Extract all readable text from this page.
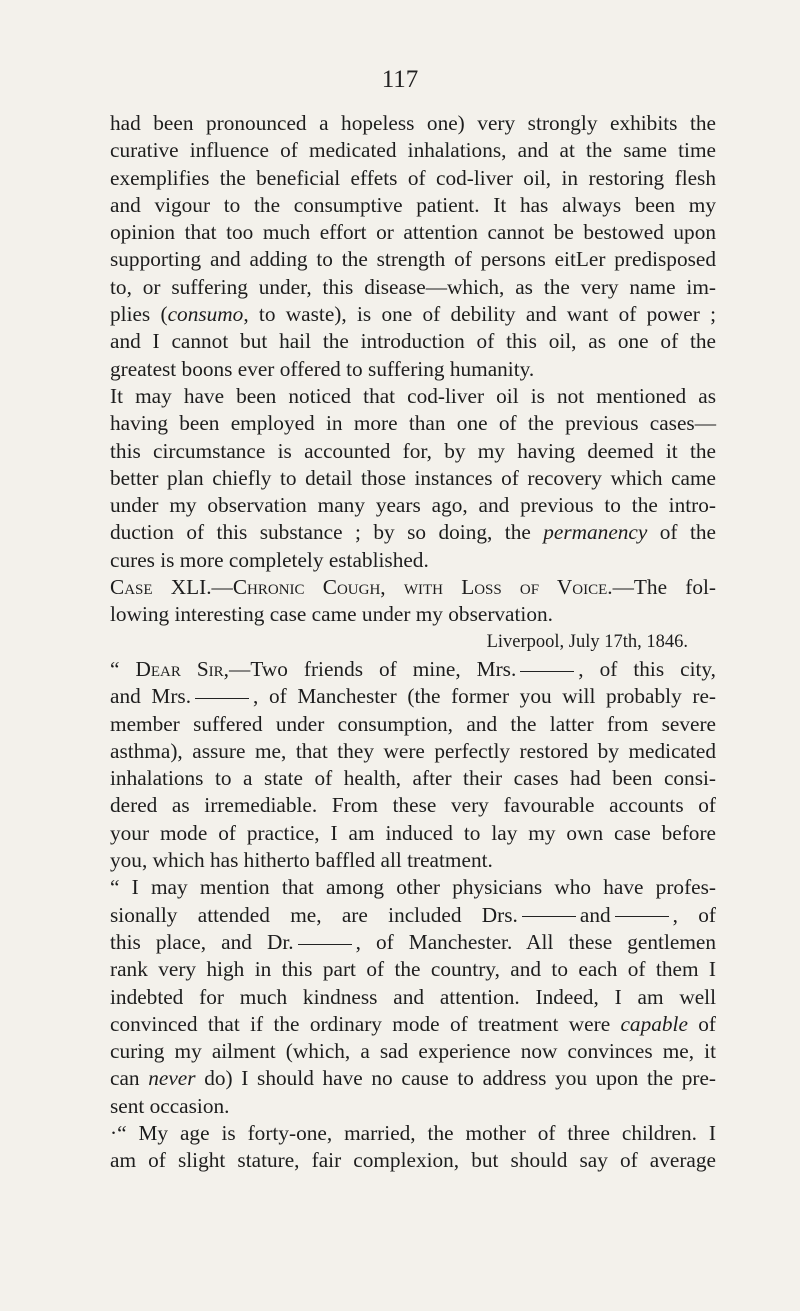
117
had been pronounced a hopeless one) very strongly exhibits the
curative influence of medicated inhalations, and at the same time
exemplifies the beneficial effets of cod-liver oil, in restoring flesh
and vigour to the consumptive patient. It has always been my
opinion that too much effort or attention cannot be bestowed upon
supporting and adding to the strength of persons eitLer predisposed
to, or suffering under, this disease—which, as the very name im-
plies (consumo, to waste), is one of debility and want of power ;
and I cannot but hail the introduction of this oil, as one of the
greatest boons ever offered to suffering humanity.
It may have been noticed that cod-liver oil is not mentioned as
having been employed in more than one of the previous cases—
this circumstance is accounted for, by my having deemed it the
better plan chiefly to detail those instances of recovery which came
under my observation many years ago, and previous to the intro-
duction of this substance ; by so doing, the permanency of the
cures is more completely established.
Case XLI.—Chronic Cough, with Loss of Voice.—The fol-
lowing interesting case came under my observation.
Liverpool, July 17th, 1846.
“ Dear Sir,—Two friends of mine, Mrs.	, of this city,
and Mrs.	, of Manchester (the former you will probably re-
member suffered under consumption, and the latter from severe
asthma), assure me, that they were perfectly restored by medicated
inhalations to a state of health, after their cases had been consi-
dered as irremediable. From these very favourable accounts of
your mode of practice, I am induced to lay my own case before
you, which has hitherto baffled all treatment.
“ I may mention that among other physicians who have profes-
sionally attended me, are included Drs.	and	, of
this place, and Dr.	, of Manchester. All these gentlemen
rank very high in this part of the country, and to each of them I
indebted for much kindness and attention. Indeed, I am well
convinced that if the ordinary mode of treatment were capable of
curing my ailment (which, a sad experience now convinces me, it
can never do) I should have no cause to address you upon the pre-
sent occasion.
·“ My age is forty-one, married, the mother of three children. I
am of slight stature, fair complexion, but should say of average
